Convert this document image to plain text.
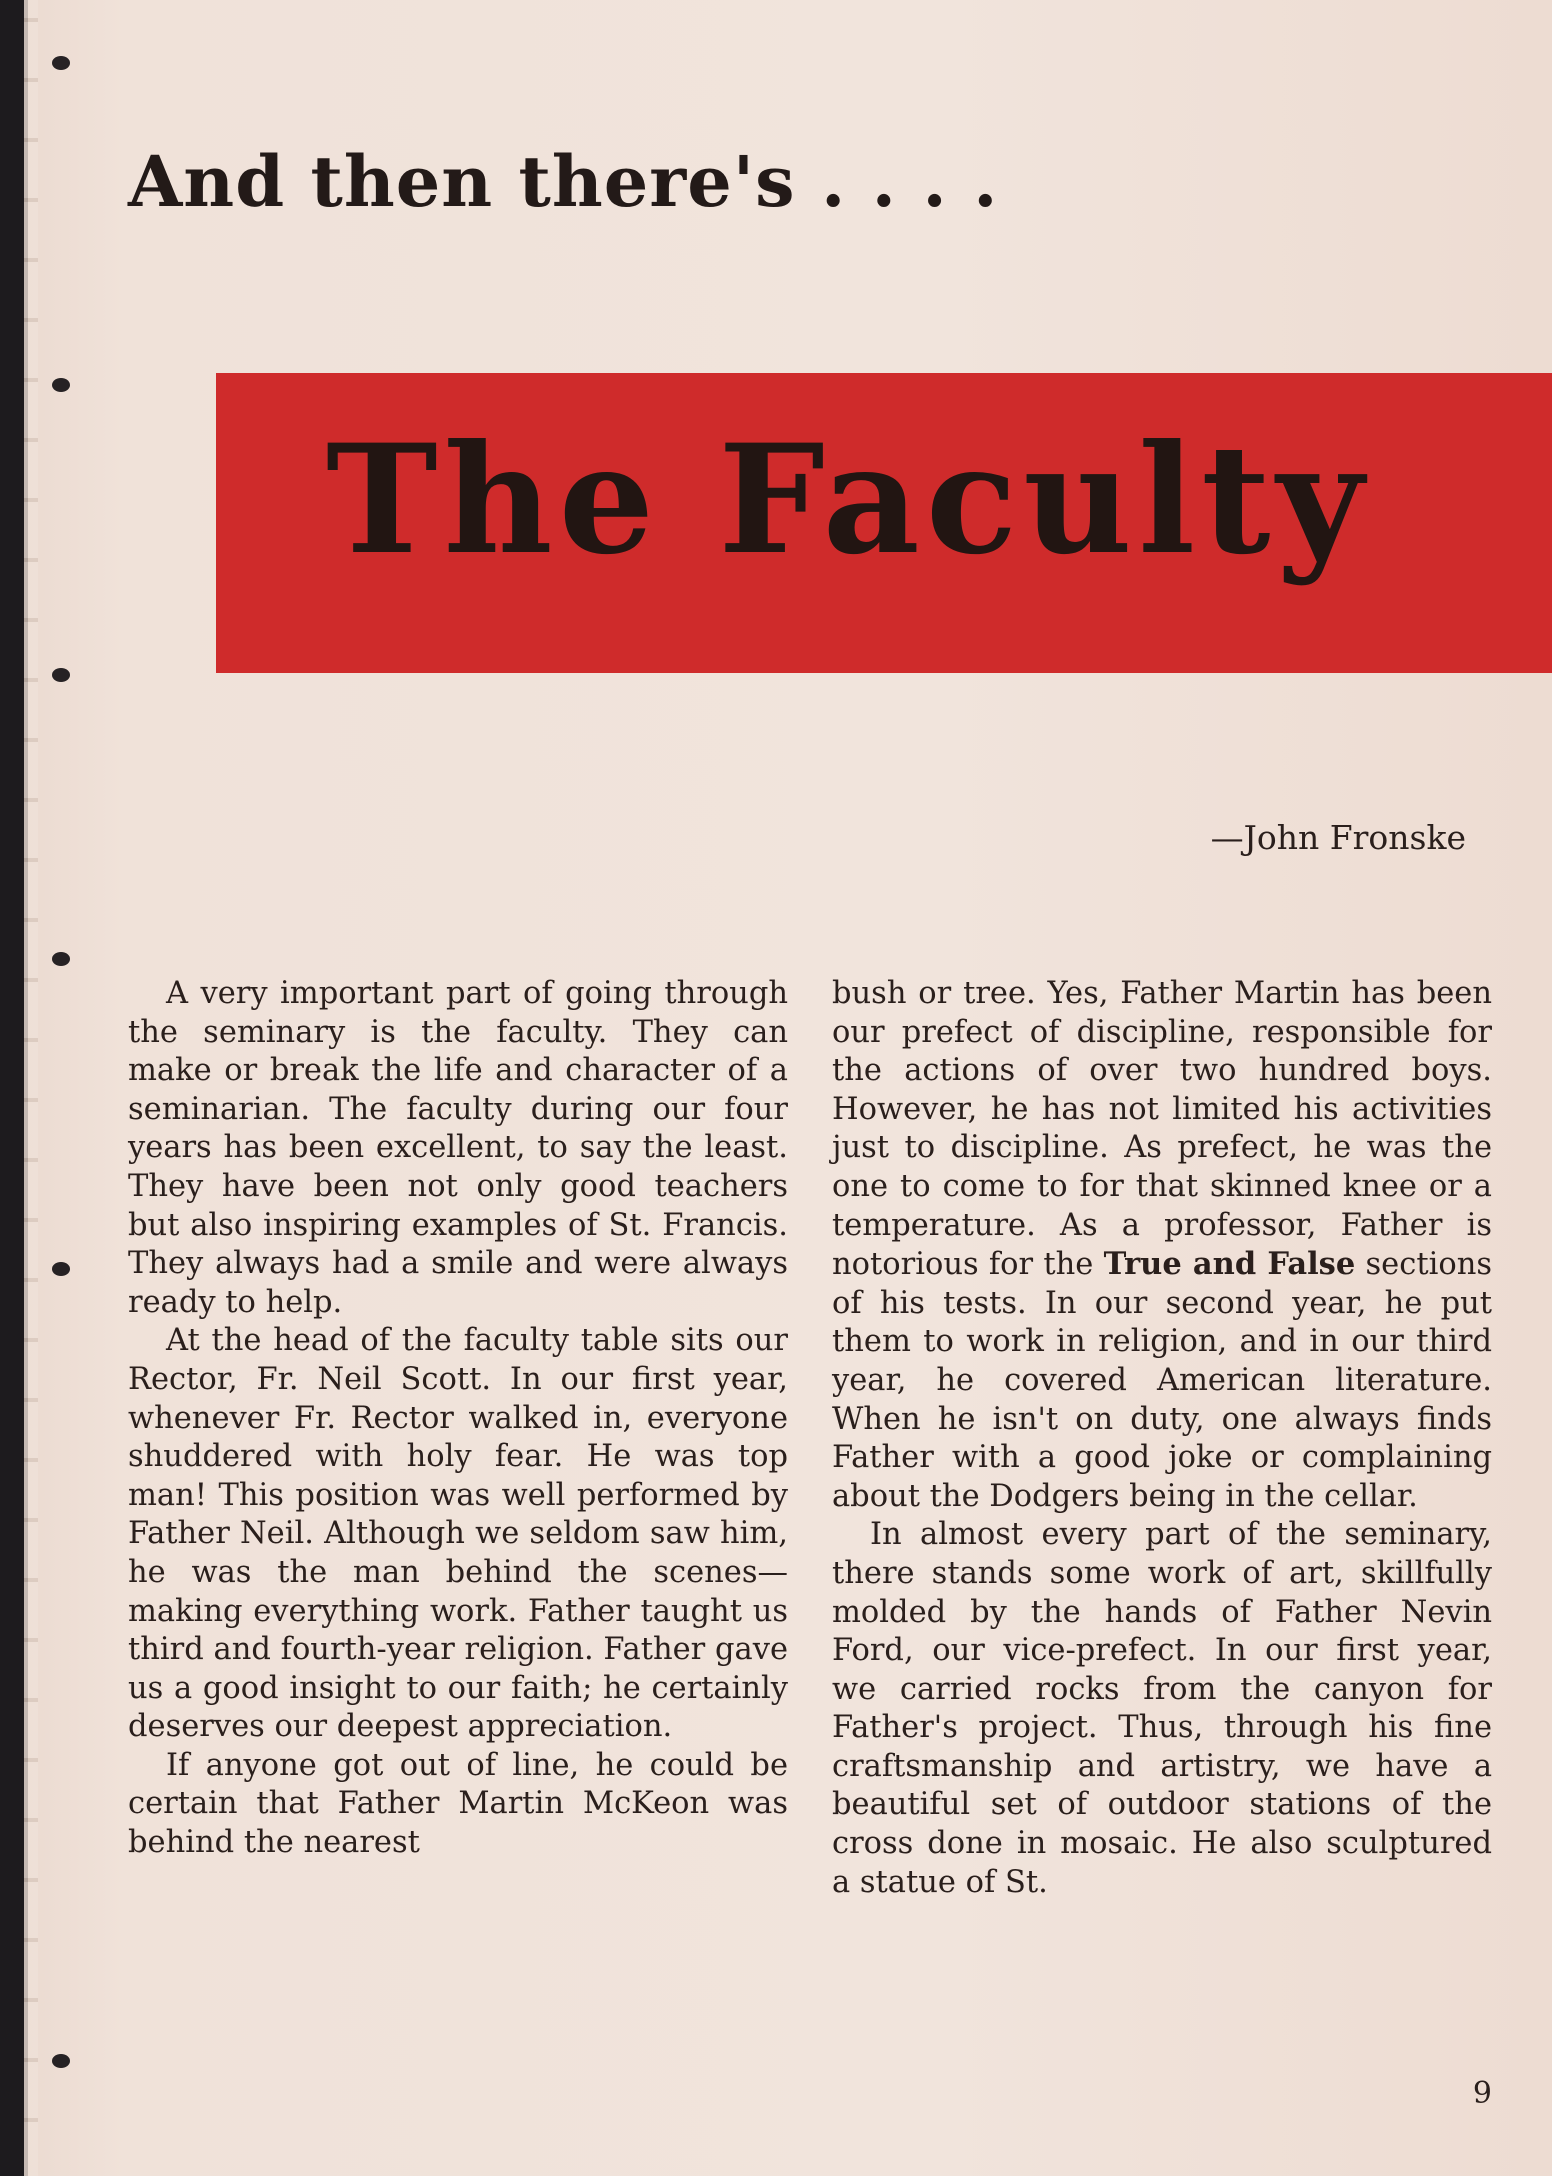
And then there's . . . .
The Faculty
—John Fronske

A very important part of going through the seminary is the faculty. They can make or break the life and character of a seminarian. The faculty during our four years has been excellent, to say the least. They have been not only good teachers but also inspiring examples of St. Francis. They always had a smile and were always ready to help.

At the head of the faculty table sits our Rector, Fr. Neil Scott. In our first year, whenever Fr. Rector walked in, everyone shuddered with holy fear. He was top man! This position was well performed by Father Neil. Although we seldom saw him, he was the man behind the scenes—making everything work. Father taught us third and fourth-year religion. Father gave us a good insight to our faith; he certainly deserves our deepest appreciation.

If anyone got out of line, he could be certain that Father Martin McKeon was behind the nearest

bush or tree. Yes, Father Martin has been our prefect of discipline, responsible for the actions of over two hundred boys. However, he has not limited his activities just to discipline. As prefect, he was the one to come to for that skinned knee or a temperature. As a professor, Father is notorious for the True and False sections of his tests. In our second year, he put them to work in religion, and in our third year, he covered American literature. When he isn't on duty, one always finds Father with a good joke or complaining about the Dodgers being in the cellar.

In almost every part of the seminary, there stands some work of art, skillfully molded by the hands of Father Nevin Ford, our vice-prefect. In our first year, we carried rocks from the canyon for Father's project. Thus, through his fine craftsmanship and artistry, we have a beautiful set of outdoor stations of the cross done in mosaic. He also sculptured a statue of St.

9
